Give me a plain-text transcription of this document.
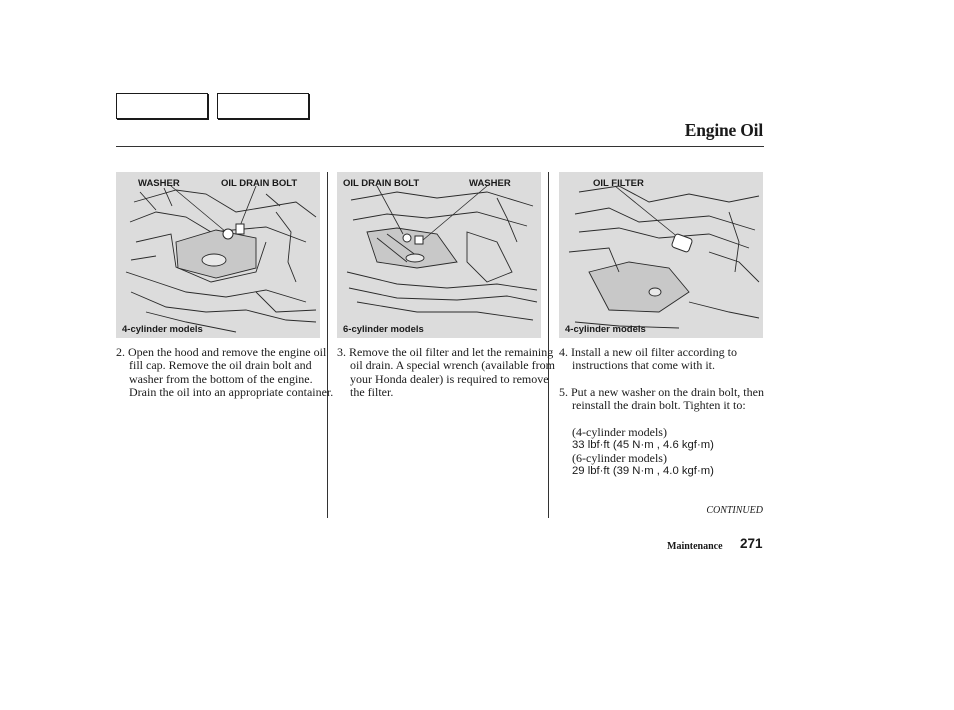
Engine Oil
WASHER	OIL DRAIN BOLT
4-cylinder models
OIL DRAIN BOLT	WASHER
6-cylinder models
OIL FILTER
4-cylinder models

2. Open the hood and remove the engine oil fill cap. Remove the oil drain bolt and washer from the bottom of the engine. Drain the oil into an appropriate container.

3. Remove the oil filter and let the remaining oil drain. A special wrench (available from your Honda dealer) is required to remove the filter.

4. Install a new oil filter according to instructions that come with it.

5. Put a new washer on the drain bolt, then reinstall the drain bolt. Tighten it to:

(4-cylinder models)
33 lbf·ft (45 N·m , 4.6 kgf·m)
(6-cylinder models)
29 lbf·ft (39 N·m , 4.0 kgf·m)
CONTINUED
Maintenance 271
